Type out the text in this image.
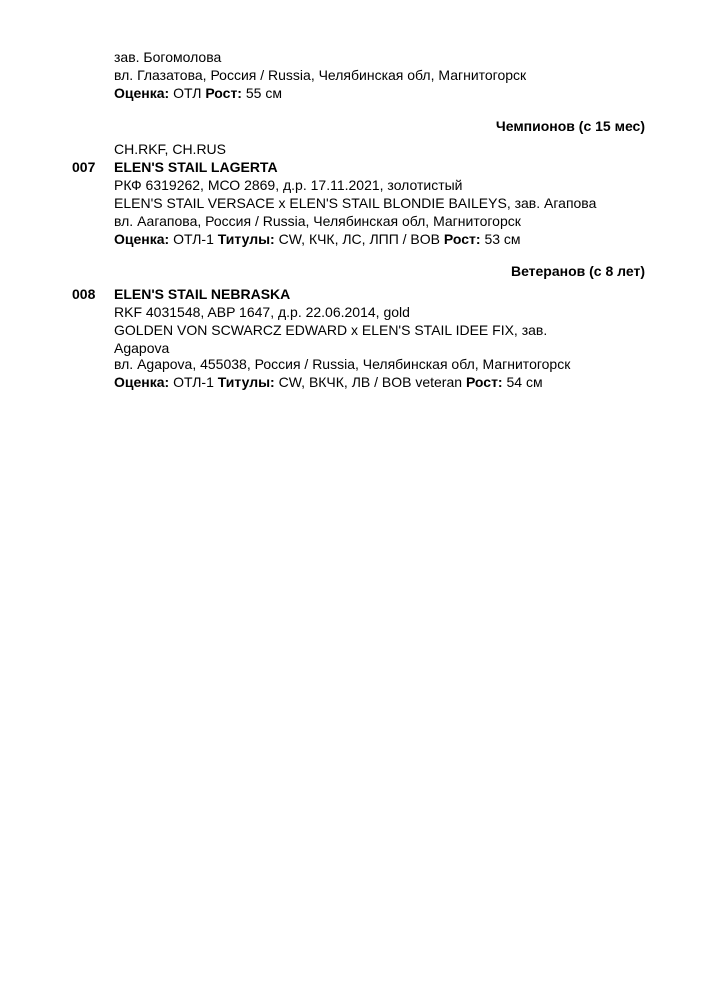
зав. Богомолова
вл. Глазатова, Россия / Russia, Челябинская обл, Магнитогорск
Оценка: ОТЛ Рост: 55 см
Чемпионов (с 15 мес)
CH.RKF, CH.RUS
007 ELEN'S STAIL LAGERTA
РКФ 6319262, МСО 2869, д.р. 17.11.2021, золотистый
ELEN'S STAIL VERSACE x ELEN'S STAIL BLONDIE BAILEYS, зав. Агапова
вл. Аагапова, Россия / Russia, Челябинская обл, Магнитогорск
Оценка: ОТЛ-1 Титулы: CW, КЧК, ЛС, ЛПП / BOB Рост: 53 см
Ветеранов (с 8 лет)
008 ELEN'S STAIL NEBRASKA
RKF 4031548, ABP 1647, д.р. 22.06.2014, gold
GOLDEN VON SCWARCZ EDWARD x ELEN'S STAIL IDEE FIX, зав.
Agapova
вл. Agapova, 455038, Россия / Russia, Челябинская обл, Магнитогорск
Оценка: ОТЛ-1 Титулы: CW, ВКЧК, ЛВ / BOB veteran Рост: 54 см
